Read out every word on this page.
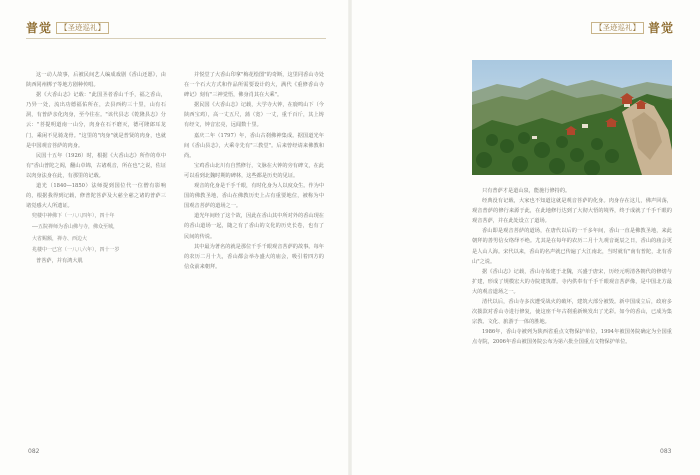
普觉	【圣迹巡礼】	【圣迹巡礼】 普觉

这一动人故事，后被民间艺人编成戏剧《香山还愿》，由陕西同州梆子等地方剧种传唱。

据《大香山志》记载："此国圣者香山千手，福之香山，乃异一处，流出功德福佑所在，去县西约三十里，山有石洞，有普萨亲化肉身，至今往在。"该代县志《乾隆县志》分云："菩提明道南一山分，肉身在石不磨灭，德可隆郎耳龙门，乘闲不见骑龙骨。"这里的"肉身"就是普贤的肉身，也就是中国观音菩萨的肉身。

民国十五年（1926）时，根据《大香山志》所作的草中有"香山普陀之阁，翻山卓锦，古诸观音，所在也"之说，佐证以肉身法身在此，有那里的记载。

道光（1840—1850）法师提到国位代一位僧有影响的，根据我得到记载，修普陀菩萨及大慈全慈之诸的普萨三诸觉感大人所遗证。

兜楼中神佛下（一八八四年），四十年
——五院禅师为香山佛与寺，佛众至城，
大省赐额，禅寺、西边大
兆楼中一已宫（一八八六年），四十一岁

普菩萨，并有鸿大肌

并悦堂了大香山印拿"梅花绘图"的奇断，这里同香山寺处在一个石大方式和作品所需要设计的大，满代《重修香山寺碑记》刻有"三神觉悟，佛身肖其在大乘"。

据民国《大香山志》记载，大学寺大钟，在鹿鸣山下（今陕西宝鸡），高一丈五尺，蒲（宽）一丈，重千百斤，其上铸有经文，钟音宏亮，远闻数十里。

嘉庆二年（1797）年，香山古刹佛神集成。据国道光年间《香山县志》，大乘寺先有"三教堂"。后来曾经请来佛教和尚。

宝鸡香山北川有自然修行，文脉在大钟的旁有碑文，在此可以看到北魏时期的碑林，这些都是历史的见证。

观音的化身是千手千眼，有时化身为人以度众生。作为中国的佛教圣地，香山在佛教历史上占有重要地位，被称为中国观音菩萨的道场之一。

道光年间经了这个故，因此在香山其中所对外的香山现在的香山道场一起，随之有了香山的文化的历史长卷，也有了民间的传说。

其中最为著名的就是那位千手千眼观音菩萨的故事。每年的农历二月十九，香山都会举办盛大的庙会，吸引着四方的信众前来朝拜。

只有普萨才是道山泉，能施行修持的。

经典没有记载，大家也不知道这就是观音菩萨的化身。肉身存在这儿，佛声回荡，观音普萨的修行来源于此，在此地修行达到了大彻大悟的境界，终于成就了千手千眼的观音菩萨，并在此处设立了道场。

香山即是观音菩萨的道场，在唐代以后的一千多年间，香山一直是佛教圣地，来此朝拜的善男信女络绎不绝。尤其是在每年的农历二月十九观音诞辰之日，香山的庙会更是人山人海。宋代以来，香山的名声就已传遍了大江南北，当时就有"南有普陀，北有香山"之说。

据《香山志》记载，香山寺始建于北魏，兴盛于唐宋，历经元明清各朝代的修缮与扩建，形成了规模宏大的寺院建筑群。寺内供奉有千手千眼观音菩萨像，是中国北方最大的观音道场之一。

清代以后，香山寺多次遭受战火的破坏，建筑大部分被毁。新中国成立后，政府多次拨款对香山寺进行修复，使这座千年古刹重新焕发出了光彩。如今的香山，已成为集宗教、文化、旅游于一体的胜地。

1986年，香山寺被列为陕西省重点文物保护单位，1994年被国务院确定为全国重点寺院，2006年香山被国务院公布为第六批全国重点文物保护单位。

082	083
